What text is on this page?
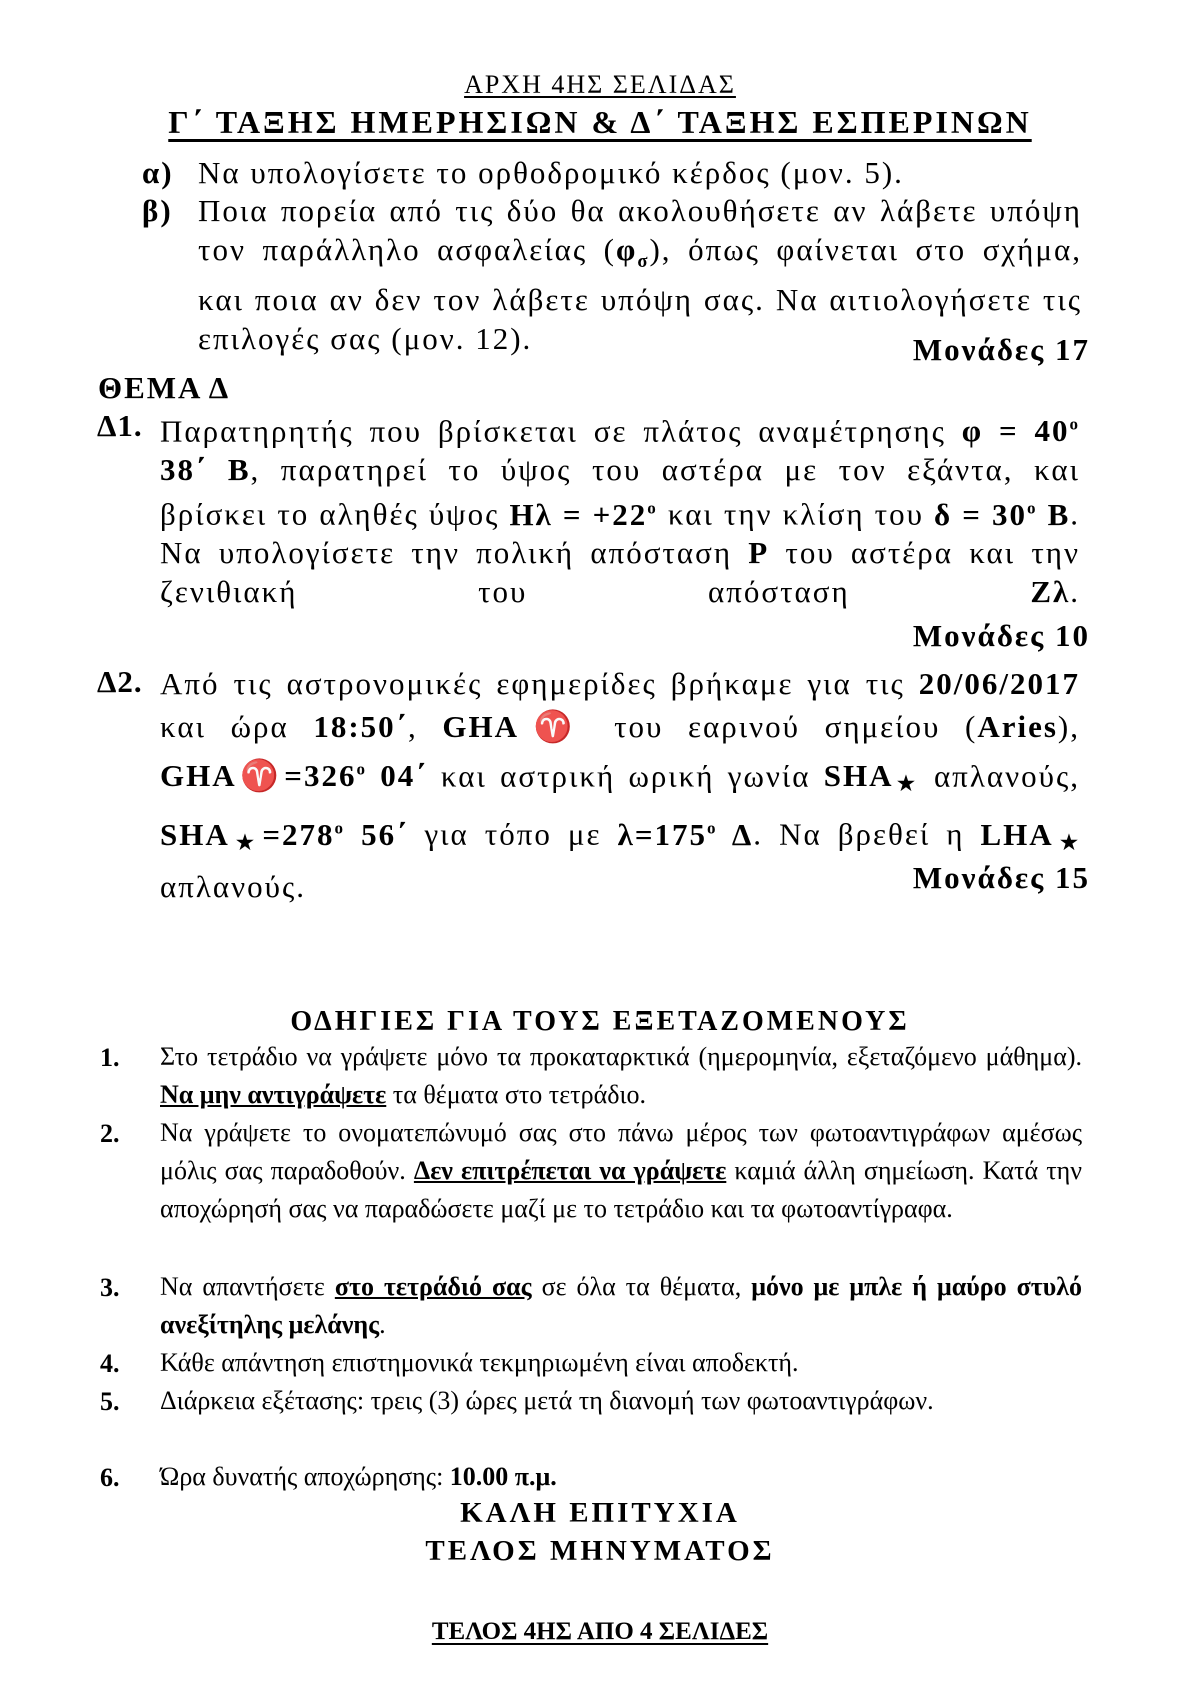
ΑΡΧΗ 4ΗΣ ΣΕΛΙΔΑΣ
Γ΄ ΤΑΞΗΣ ΗΜΕΡΗΣΙΩΝ & Δ΄ ΤΑΞΗΣ ΕΣΠΕΡΙΝΩΝ
α) Να υπολογίσετε το ορθοδρομικό κέρδος (μον. 5).
β) Ποια πορεία από τις δύο θα ακολουθήσετε αν λάβετε υπόψη τον παράλληλο ασφαλείας $(\varphi_\sigma)$, όπως φαίνεται στο σχήμα, και ποια αν δεν τον λάβετε υπόψη σας. Να αιτιολογήσετε τις επιλογές σας (μον. 12).	Μονάδες 17
ΘΕΜΑ Δ
Δ1. Παρατηρητής που βρίσκεται σε πλάτος αναμέτρησης $\varphi = 40^o$ 38΄ Β, παρατηρεί το ύψος του αστέρα με τον εξάντα, και βρίσκει το αληθές ύψος $H\lambda = +22^o$ και την κλίση του $\delta = 30^o$ Β. Να υπολογίσετε την πολική απόσταση Ρ του αστέρα και την ζενιθιακή του απόσταση Ζλ.
Μονάδες 10
Δ2. Από τις αστρονομικές εφημερίδες βρήκαμε για τις 20/06/2017 και ώρα 18:50΄, GHA♈ του εαρινού σημείου (Aries), $GHA♈=326^o$ 04΄ και αστρική ωρική γωνία SHA★ απλανούς, $SHA★=278^o$ 56΄ για τόπο με $\lambda=175^o$ Δ. Να βρεθεί η LHA★ απλανούς.	Μονάδες 15
ΟΔΗΓΙΕΣ ΓΙΑ ΤΟΥΣ ΕΞΕΤΑΖΟΜΕΝΟΥΣ
1. Στο τετράδιο να γράψετε μόνο τα προκαταρκτικά (ημερομηνία, εξεταζόμενο μάθημα). Να μην αντιγράψετε τα θέματα στο τετράδιο.
2. Να γράψετε το ονοματεπώνυμό σας στο πάνω μέρος των φωτοαντιγράφων αμέσως μόλις σας παραδοθούν. Δεν επιτρέπεται να γράψετε καμιά άλλη σημείωση. Κατά την αποχώρησή σας να παραδώσετε μαζί με το τετράδιο και τα φωτοαντίγραφα.
3. Να απαντήσετε στο τετράδιό σας σε όλα τα θέματα, μόνο με μπλε ή μαύρο στυλό ανεξίτηλης μελάνης.
4. Κάθε απάντηση επιστημονικά τεκμηριωμένη είναι αποδεκτή.
5. Διάρκεια εξέτασης: τρεις (3) ώρες μετά τη διανομή των φωτοαντιγράφων.
6. Ώρα δυνατής αποχώρησης: 10.00 π.μ.
ΚΑΛΗ ΕΠΙΤΥΧΙΑ
ΤΕΛΟΣ ΜΗΝΥΜΑΤΟΣ
ΤΕΛΟΣ 4ΗΣ ΑΠΟ 4 ΣΕΛΙΔΕΣ
